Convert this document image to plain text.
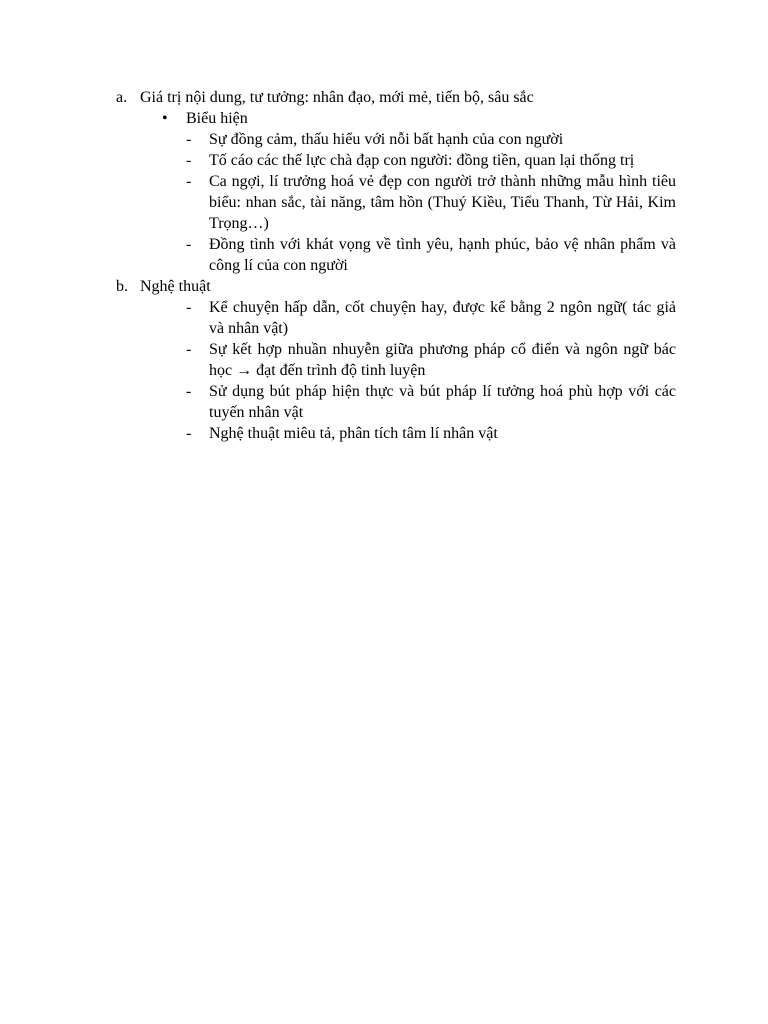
a. Giá trị nội dung, tư tưởng: nhân đạo, mới mẻ, tiến bộ, sâu sắc
• Biểu hiện
- Sự đồng cảm, thấu hiểu với nỗi bất hạnh của con người
- Tố cáo các thế lực chà đạp con người: đồng tiền, quan lại thống trị
- Ca ngợi, lí trưởng hoá vẻ đẹp con người trở thành những mẫu hình tiêu biểu: nhan sắc, tài năng, tâm hồn (Thuý Kiều, Tiểu Thanh, Từ Hải, Kim Trọng…)
- Đồng tình với khát vọng về tình yêu, hạnh phúc, bảo vệ nhân phẩm và công lí của con người
b. Nghệ thuật
- Kể chuyện hấp dẫn, cốt chuyện hay, được kể bằng 2 ngôn ngữ( tác giả và nhân vật)
- Sự kết hợp nhuần nhuyễn giữa phương pháp cổ điển và ngôn ngữ bác học → đạt đến trình độ tinh luyện
- Sử dụng bút pháp hiện thực và bút pháp lí tưởng hoá phù hợp với các tuyến nhân vật
- Nghệ thuật miêu tả, phân tích tâm lí nhân vật
